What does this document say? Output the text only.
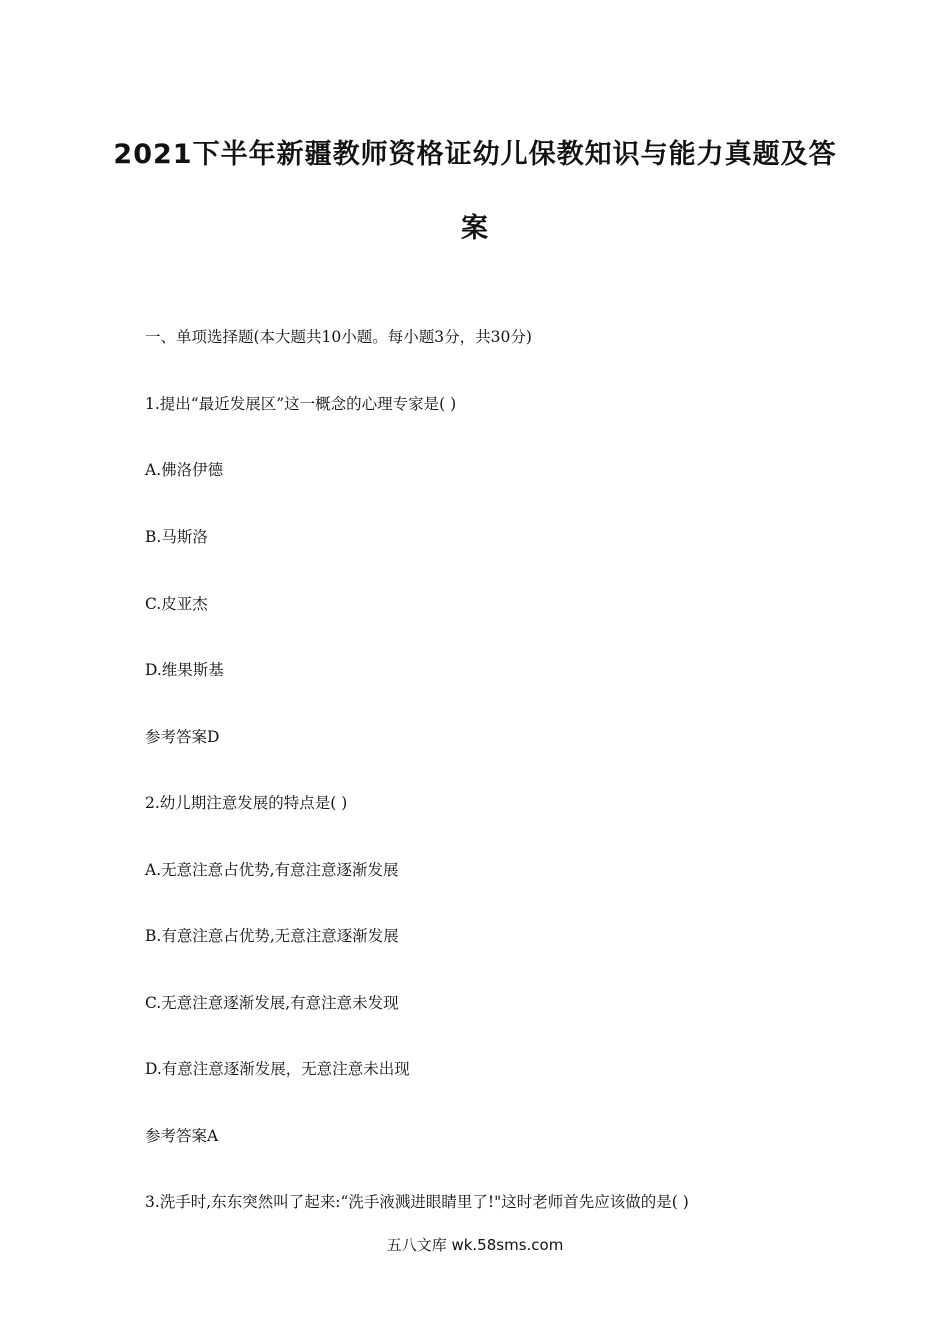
2021下半年新疆教师资格证幼儿保教知识与能力真题及答
案
一、单项选择题(本大题共10小题。每小题3分，共30分)
1.提出“最近发展区”这一概念的心理专家是( )
A.佛洛伊德
B.马斯洛
C.皮亚杰
D.维果斯基
参考答案D
2.幼儿期注意发展的特点是( )
A.无意注意占优势,有意注意逐渐发展
B.有意注意占优势,无意注意逐渐发展
C.无意注意逐渐发展,有意注意未发现
D.有意注意逐渐发展，无意注意未出现
参考答案A
3.洗手时,东东突然叫了起来:“洗手液溅进眼睛里了!"这时老师首先应该做的是( )
五八文库 wk.58sms.com
